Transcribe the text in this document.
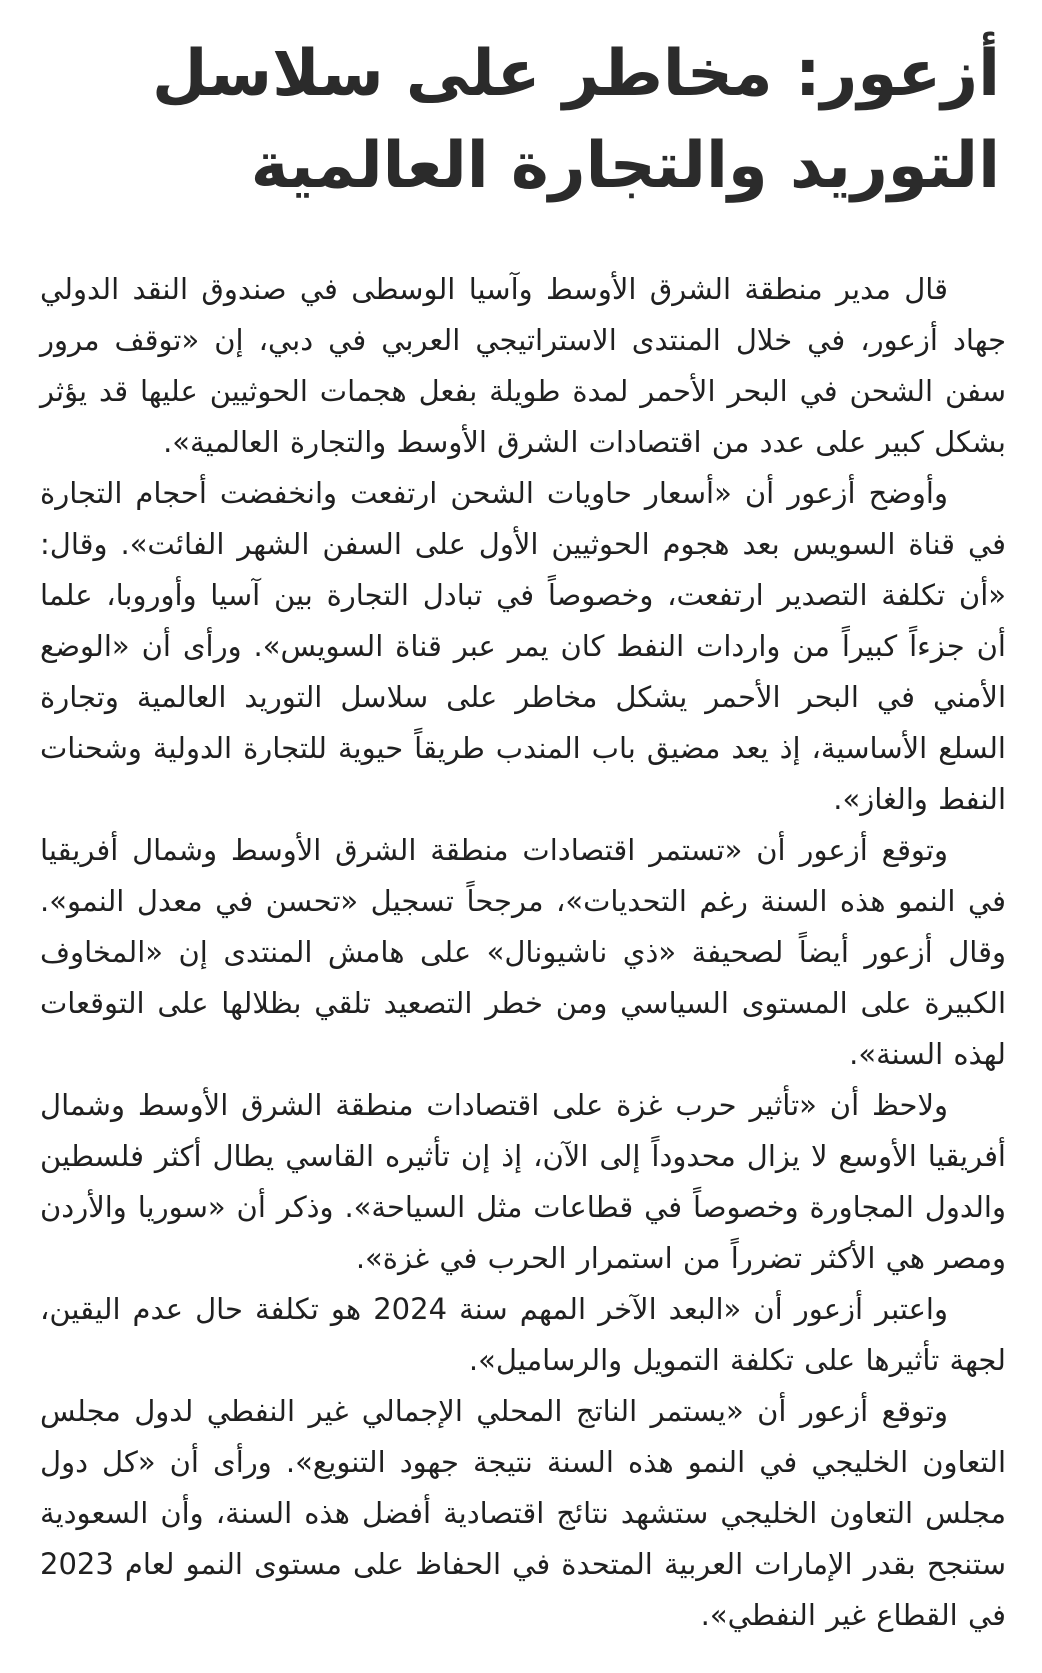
أزعور: مخاطر على سلاسل
التوريد والتجارة العالمية

قال مدير منطقة الشرق الأوسط وآسيا الوسطى في صندوق النقد الدولي جهاد أزعور، في خلال المنتدى الاستراتيجي العربي في دبي، إن «توقف مرور سفن الشحن في البحر الأحمر لمدة طويلة بفعل هجمات الحوثيين عليها قد يؤثر بشكل كبير على عدد من اقتصادات الشرق الأوسط والتجارة العالمية».

وأوضح أزعور أن «أسعار حاويات الشحن ارتفعت وانخفضت أحجام التجارة في قناة السويس بعد هجوم الحوثيين الأول على السفن الشهر الفائت». وقال: «أن تكلفة التصدير ارتفعت، وخصوصاً في تبادل التجارة بين آسيا وأوروبا، علما أن جزءاً كبيراً من واردات النفط كان يمر عبر قناة السويس». ورأى أن «الوضع الأمني في البحر الأحمر يشكل مخاطر على سلاسل التوريد العالمية وتجارة السلع الأساسية، إذ يعد مضيق باب المندب طريقاً حيوية للتجارة الدولية وشحنات النفط والغاز».

وتوقع أزعور أن «تستمر اقتصادات منطقة الشرق الأوسط وشمال أفريقيا في النمو هذه السنة رغم التحديات»، مرجحاً تسجيل «تحسن في معدل النمو». وقال أزعور أيضاً لصحيفة «ذي ناشيونال» على هامش المنتدى إن «المخاوف الكبيرة على المستوى السياسي ومن خطر التصعيد تلقي بظلالها على التوقعات لهذه السنة».

ولاحظ أن «تأثير حرب غزة على اقتصادات منطقة الشرق الأوسط وشمال أفريقيا الأوسع لا يزال محدوداً إلى الآن، إذ إن تأثيره القاسي يطال أكثر فلسطين والدول المجاورة وخصوصاً في قطاعات مثل السياحة». وذكر أن «سوريا والأردن ومصر هي الأكثر تضرراً من استمرار الحرب في غزة».

واعتبر أزعور أن «البعد الآخر المهم سنة 2024 هو تكلفة حال عدم اليقين، لجهة تأثيرها على تكلفة التمويل والرساميل».

وتوقع أزعور أن «يستمر الناتج المحلي الإجمالي غير النفطي لدول مجلس التعاون الخليجي في النمو هذه السنة نتيجة جهود التنويع». ورأى أن «كل دول مجلس التعاون الخليجي ستشهد نتائج اقتصادية أفضل هذه السنة، وأن السعودية ستنجح بقدر الإمارات العربية المتحدة في الحفاظ على مستوى النمو لعام 2023 في القطاع غير النفطي».
